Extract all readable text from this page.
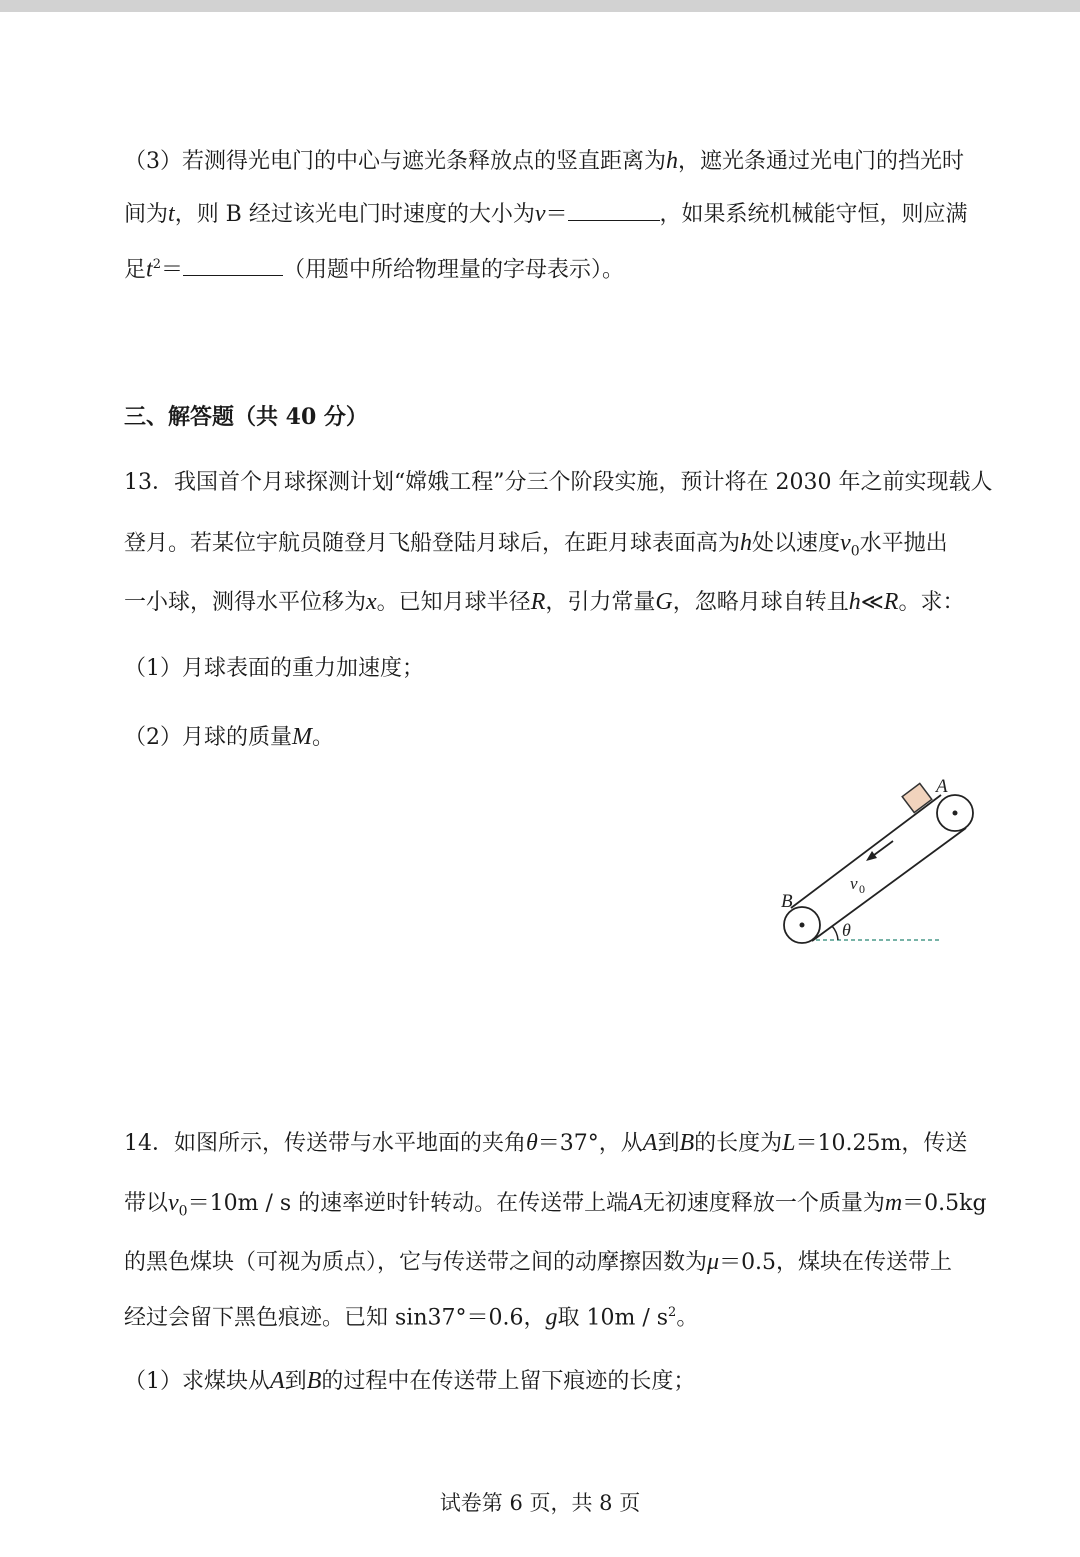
（3）若测得光电门的中心与遮光条释放点的竖直距离为h，遮光条通过光电门的挡光时
间为t，则 B 经过该光电门时速度的大小为v＝	，如果系统机械能守恒，则应满
足$t^2=$	（用题中所给物理量的字母表示）。
三、解答题（共 40 分）
13．我国首个月球探测计划“嫦娥工程”分三个阶段实施，预计将在 2030 年之前实现载人
登月。若某位宇航员随登月飞船登陆月球后，在距月球表面高为h处以速度$v_0$水平抛出
一小球，测得水平位移为x。已知月球半径R，引力常量G，忽略月球自转且h≪R。求：
（1）月球表面的重力加速度；
（2）月球的质量M。
A
B
v 0
θ
14．如图所示，传送带与水平地面的夹角θ＝37°，从A到B的长度为L＝10.25m，传送
带以$v_0=10m / s$ 的速率逆时针转动。在传送带上端A无初速度释放一个质量为m＝0.5kg
的黑色煤块（可视为质点），它与传送带之间的动摩擦因数为μ＝0.5，煤块在传送带上
经过会留下黑色痕迹。已知 sin37°＝0.6，g取 $10m / s^2$。
（1）求煤块从A到B的过程中在传送带上留下痕迹的长度；
试卷第 6 页，共 8 页
